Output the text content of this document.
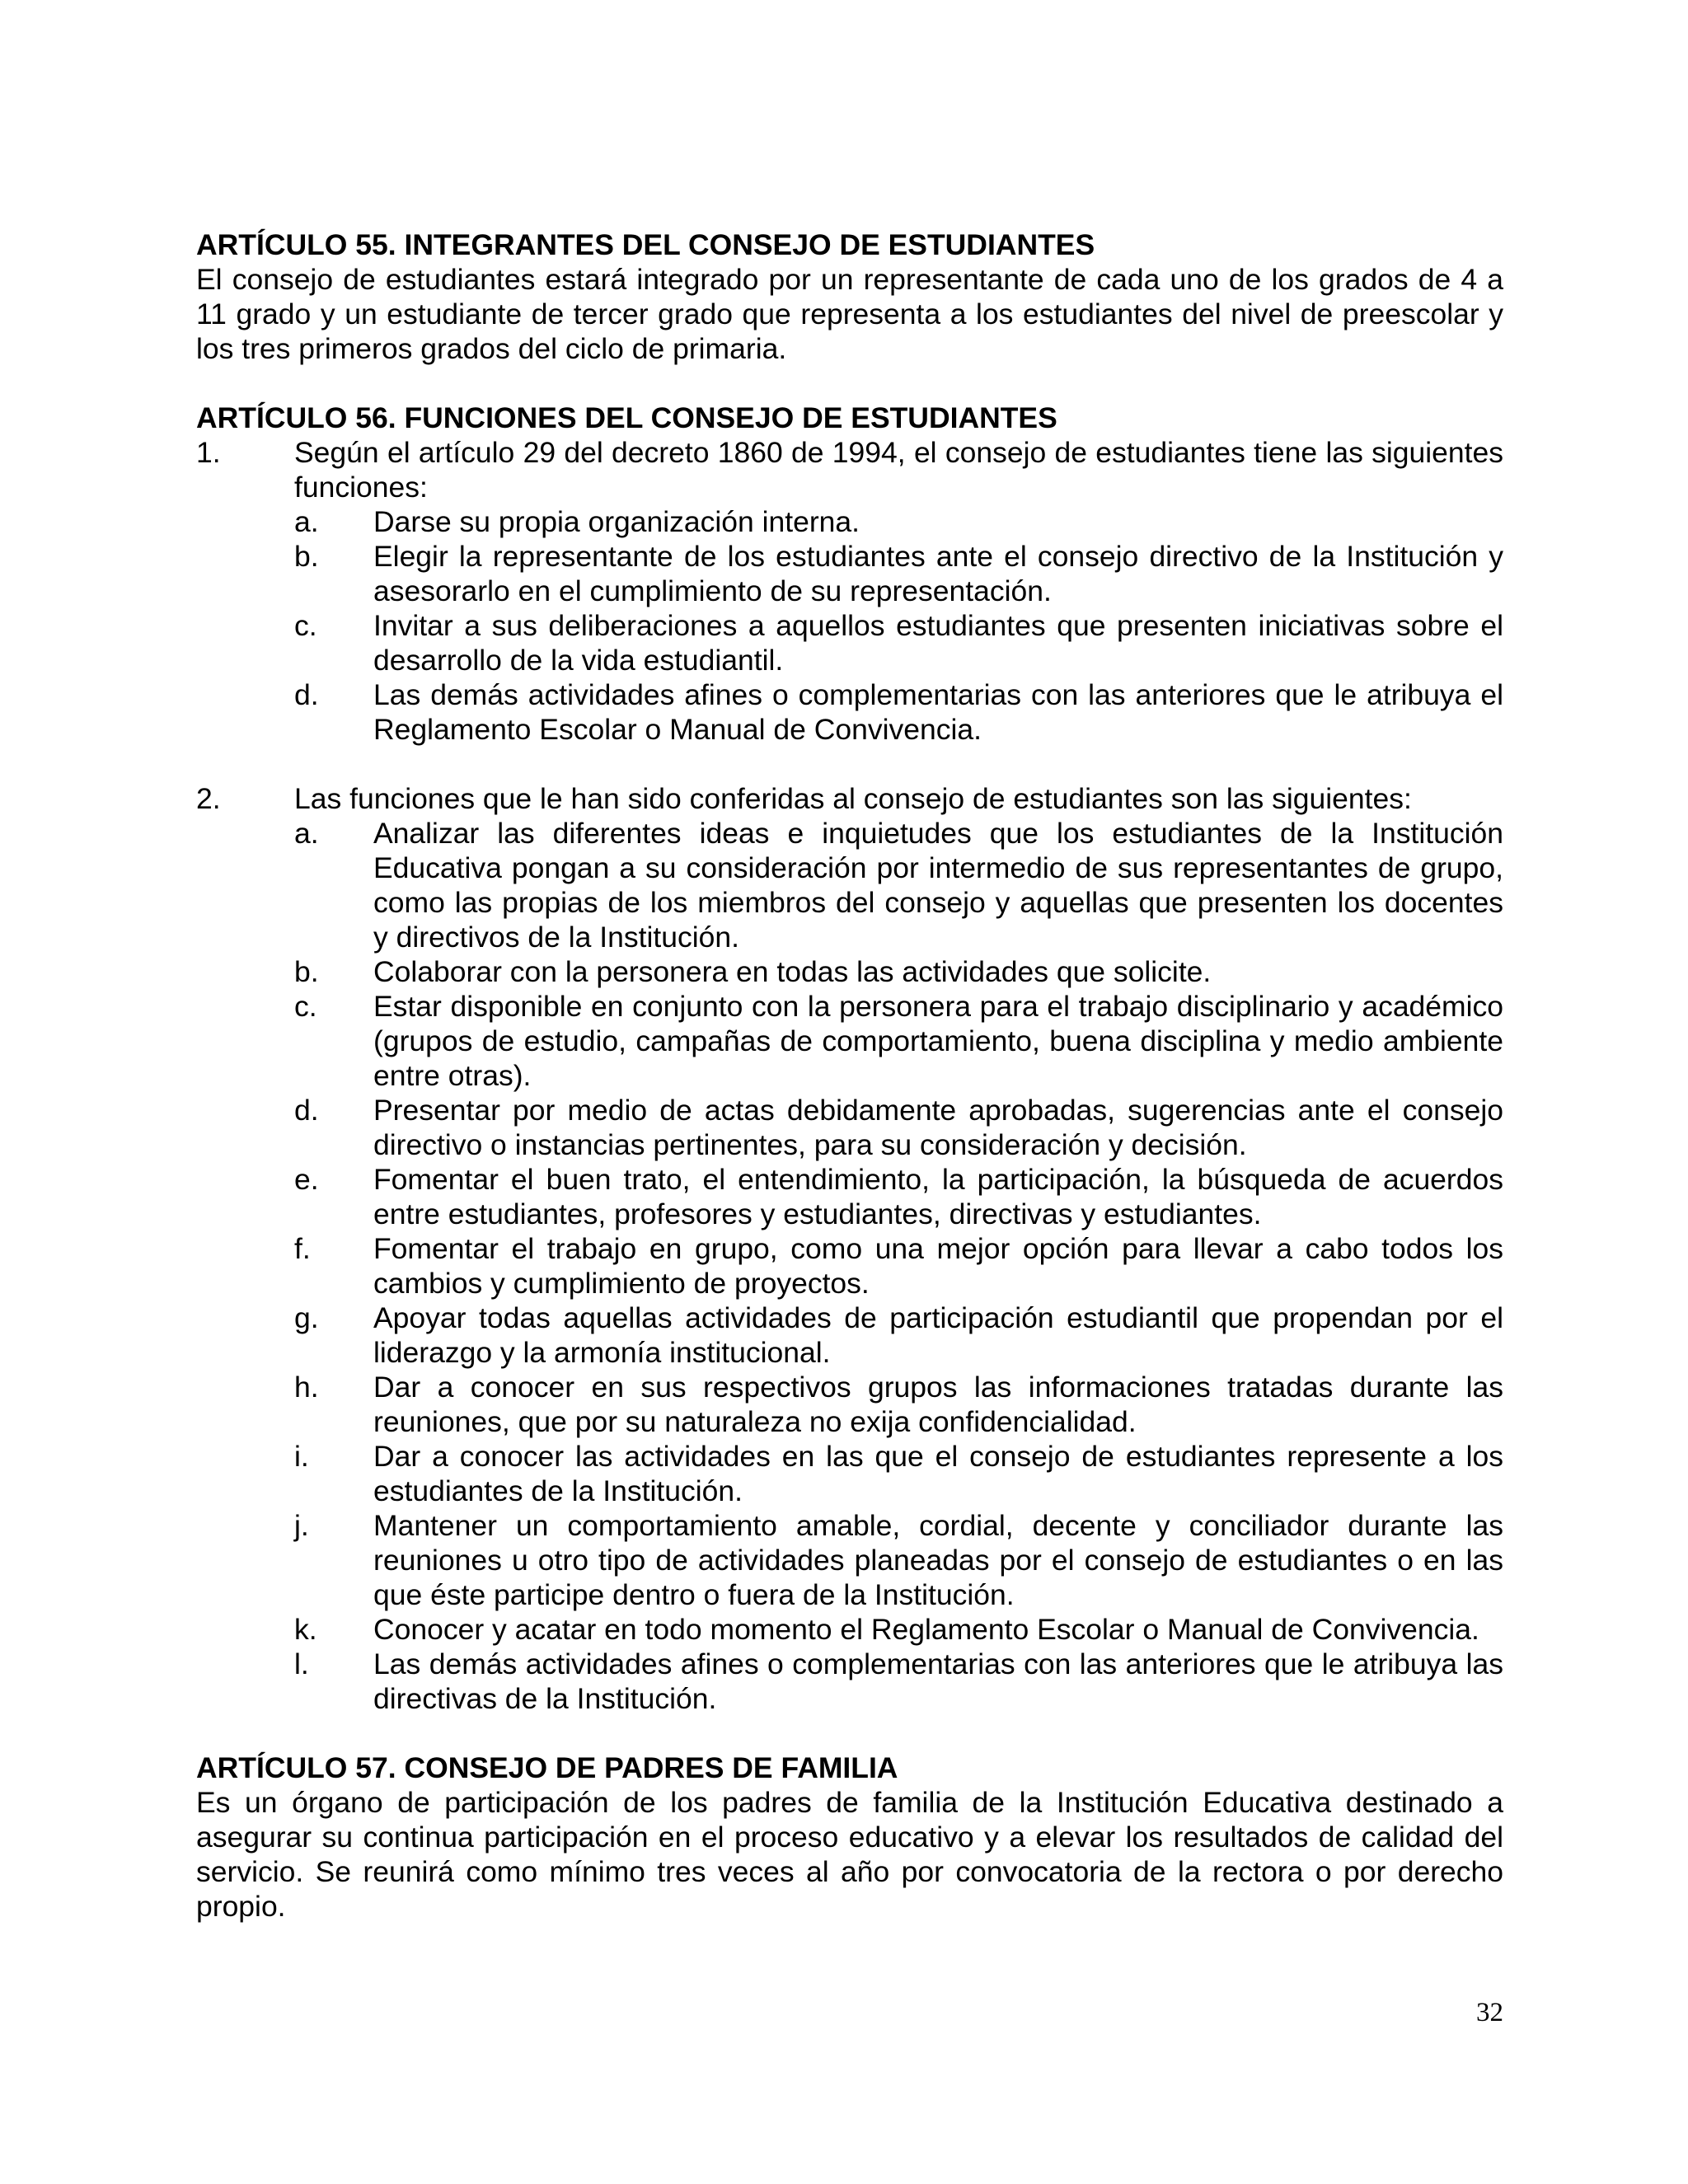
ARTÍCULO 55. INTEGRANTES DEL CONSEJO DE ESTUDIANTES

El consejo de estudiantes estará integrado por un representante de cada uno de los grados de 4 a 11 grado y un estudiante de tercer grado que representa a los estudiantes del nivel de preescolar y los tres primeros grados del ciclo de primaria.

ARTÍCULO 56. FUNCIONES DEL CONSEJO DE ESTUDIANTES
1.	Según el artículo 29 del decreto 1860 de 1994, el consejo de estudiantes tiene las siguientes funciones:
a. Darse su propia organización interna.
b. Elegir la representante de los estudiantes ante el consejo directivo de la Institución y asesorarlo en el cumplimiento de su representación.
c. Invitar a sus deliberaciones a aquellos estudiantes que presenten iniciativas sobre el desarrollo de la vida estudiantil.
d. Las demás actividades afines o complementarias con las anteriores que le atribuya el Reglamento Escolar o Manual de Convivencia.
2.	Las funciones que le han sido conferidas al consejo de estudiantes son las siguientes:
a. Analizar las diferentes ideas e inquietudes que los estudiantes de la Institución Educativa pongan a su consideración por intermedio de sus representantes de grupo, como las propias de los miembros del consejo y aquellas que presenten los docentes y directivos de la Institución.
b. Colaborar con la personera en todas las actividades que solicite.
c. Estar disponible en conjunto con la personera para el trabajo disciplinario y académico (grupos de estudio, campañas de comportamiento, buena disciplina y medio ambiente entre otras).
d. Presentar por medio de actas debidamente aprobadas, sugerencias ante el consejo directivo o instancias pertinentes, para su consideración y decisión.
e. Fomentar el buen trato, el entendimiento, la participación, la búsqueda de acuerdos entre estudiantes, profesores y estudiantes, directivas y estudiantes.
f. Fomentar el trabajo en grupo, como una mejor opción para llevar a cabo todos los cambios y cumplimiento de proyectos.
g. Apoyar todas aquellas actividades de participación estudiantil que propendan por el liderazgo y la armonía institucional.
h. Dar a conocer en sus respectivos grupos las informaciones tratadas durante las reuniones, que por su naturaleza no exija confidencialidad.
i. Dar a conocer las actividades en las que el consejo de estudiantes represente a los estudiantes de la Institución.
j. Mantener un comportamiento amable, cordial, decente y conciliador durante las reuniones u otro tipo de actividades planeadas por el consejo de estudiantes o en las que éste participe dentro o fuera de la Institución.
k. Conocer y acatar en todo momento el Reglamento Escolar o Manual de Convivencia.
l. Las demás actividades afines o complementarias con las anteriores que le atribuya las directivas de la Institución.
ARTÍCULO 57. CONSEJO DE PADRES DE FAMILIA

Es un órgano de participación de los padres de familia de la Institución Educativa destinado a asegurar su continua participación en el proceso educativo y a elevar los resultados de calidad del servicio. Se reunirá como mínimo tres veces al año por convocatoria de la rectora o por derecho propio.

32
